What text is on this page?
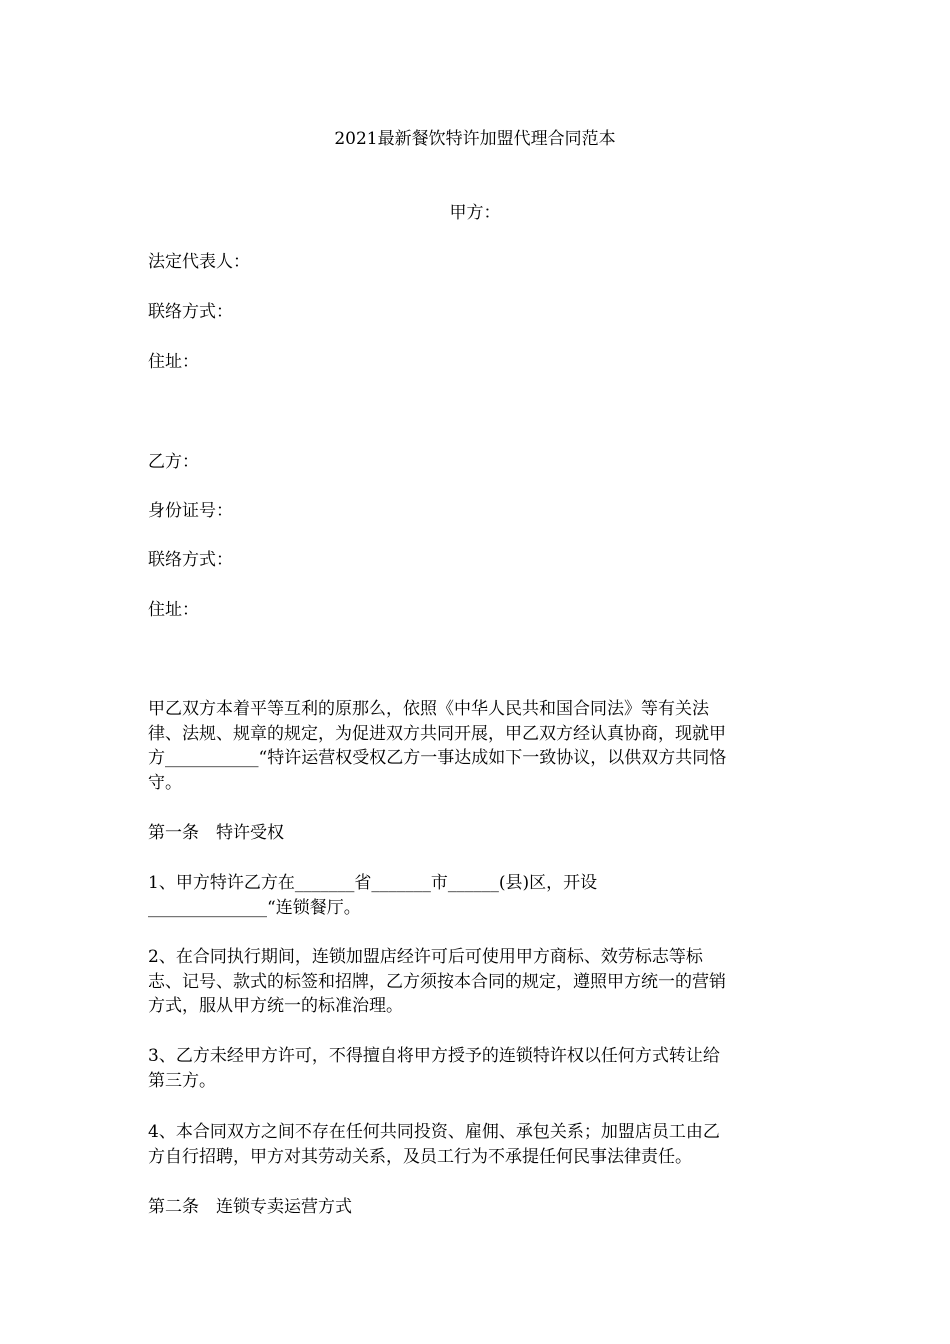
2021最新餐饮特许加盟代理合同范本
甲方：
法定代表人：
联络方式：
住址：
乙方：
身份证号：
联络方式：
住址：

甲乙双方本着平等互利的原那么，依照《中华人民共和国合同法》等有关法

律、法规、规章的规定，为促进双方共同开展，甲乙双方经认真协商，现就甲

方___________“特许运营权受权乙方一事达成如下一致协议，以供双方共同恪

守。

第一条　特许受权

1、甲方特许乙方在_______省_______市______(县)区，开设

______________“连锁餐厅。

2、在合同执行期间，连锁加盟店经许可后可使用甲方商标、效劳标志等标

志、记号、款式的标签和招牌，乙方须按本合同的规定，遵照甲方统一的营销

方式，服从甲方统一的标准治理。

3、乙方未经甲方许可，不得擅自将甲方授予的连锁特许权以任何方式转让给

第三方。

4、本合同双方之间不存在任何共同投资、雇佣、承包关系；加盟店员工由乙

方自行招聘，甲方对其劳动关系，及员工行为不承提任何民事法律责任。

第二条　连锁专卖运营方式
